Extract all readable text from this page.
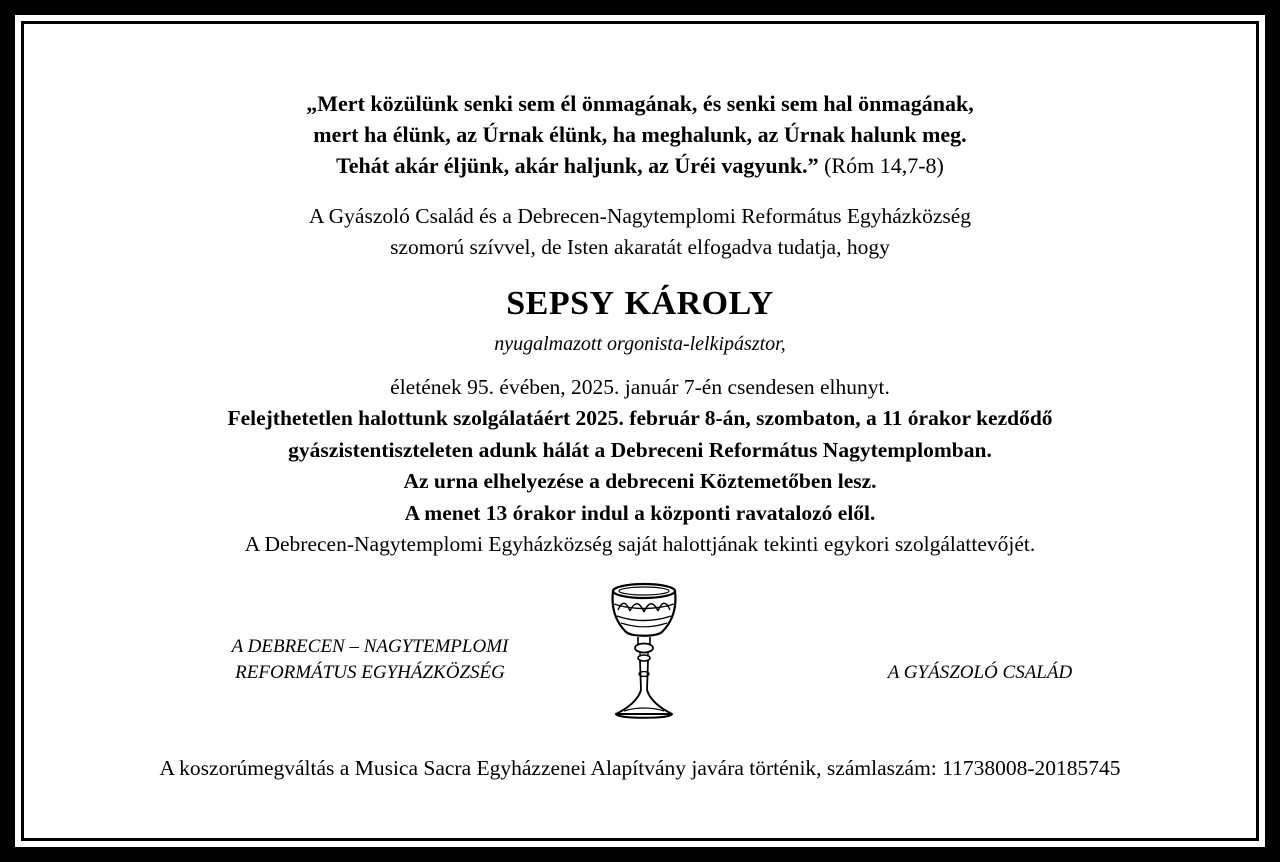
„Mert közülünk senki sem él önmagának, és senki sem hal önmagának,
mert ha élünk, az Úrnak élünk, ha meghalunk, az Úrnak halunk meg.
Tehát akár éljünk, akár haljunk, az Úréi vagyunk.” (Róm 14,7-8)
A Gyászoló Család és a Debrecen-Nagytemplomi Református Egyházközség
szomorú szívvel, de Isten akaratát elfogadva tudatja, hogy
SEPSY KÁROLY
nyugalmazott orgonista-lelkipásztor,
életének 95. évében, 2025. január 7-én csendesen elhunyt.
Felejthetetlen halottunk szolgálatáért 2025. február 8-án, szombaton, a 11 órakor kezdődő
gyászistentiszteleten adunk hálát a Debreceni Református Nagytemplomban.
Az urna elhelyezése a debreceni Köztemetőben lesz.
A menet 13 órakor indul a központi ravatalozó elől.
A Debrecen-Nagytemplomi Egyházközség saját halottjának tekinti egykori szolgálattevőjét.
A DEBRECEN – NAGYTEMPLOMI
REFORMÁTUS EGYHÁZKÖZSÉG	A GYÁSZOLÓ CSALÁD
A koszorúmegváltás a Musica Sacra Egyházzenei Alapítvány javára történik, számlaszám: 11738008-20185745
